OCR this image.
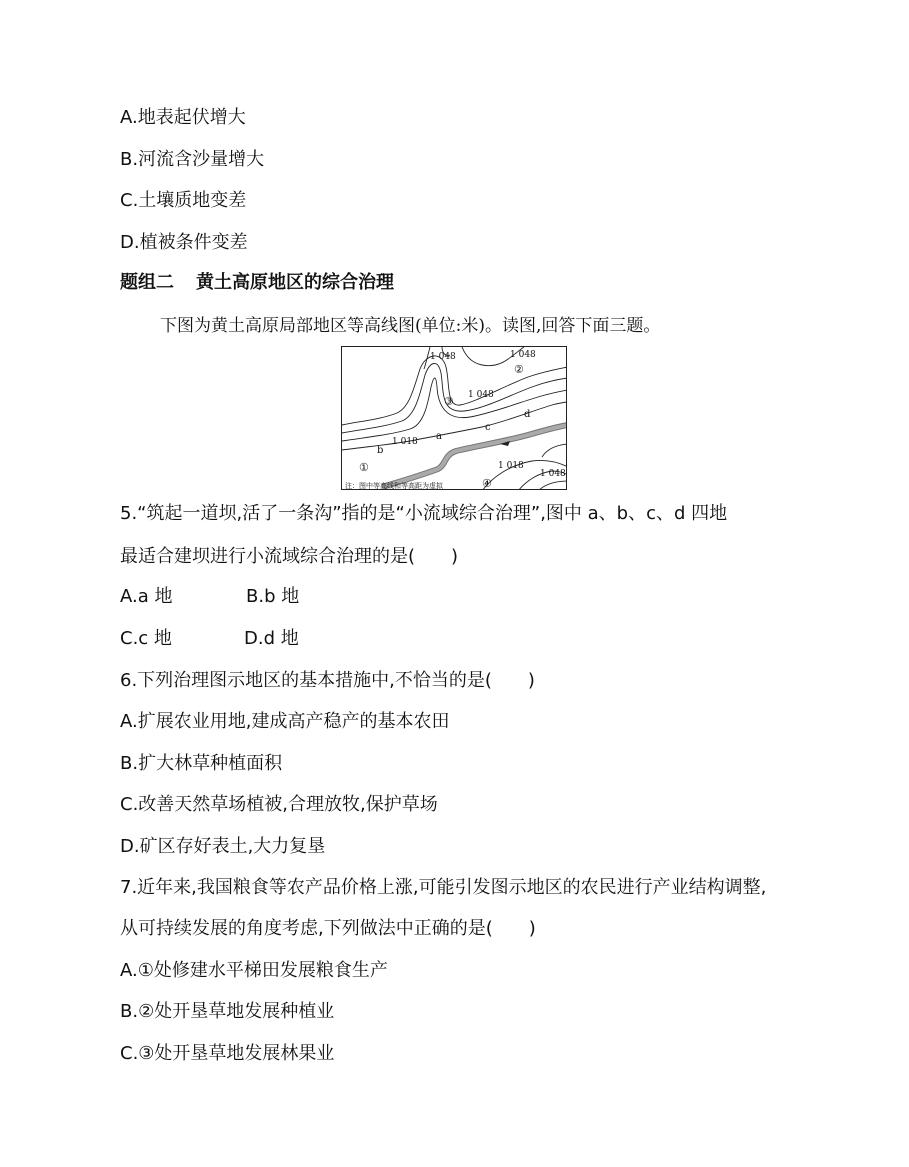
A.地表起伏增大
B.河流含沙量增大
C.土壤质地变差
D.植被条件变差
题组二 黄土高原地区的综合治理
下图为黄土高原局部地区等高线图(单位:米)。读图,回答下面三题。
1 048	1 048
1 048
1 018
1 018
1 048
①
②
③
④
a
b
c
d
注：图中等高线和等高距为虚拟
5.“筑起一道坝,活了一条沟”指的是“小流域综合治理”,图中 a、b、c、d 四地
最适合建坝进行小流域综合治理的是(　　)
A.a 地	B.b 地
C.c 地	D.d 地
6.下列治理图示地区的基本措施中,不恰当的是(　　)
A.扩展农业用地,建成高产稳产的基本农田
B.扩大林草种植面积
C.改善天然草场植被,合理放牧,保护草场
D.矿区存好表土,大力复垦
7.近年来,我国粮食等农产品价格上涨,可能引发图示地区的农民进行产业结构调整,
从可持续发展的角度考虑,下列做法中正确的是(　　)
A.①处修建水平梯田发展粮食生产
B.②处开垦草地发展种植业
C.③处开垦草地发展林果业
